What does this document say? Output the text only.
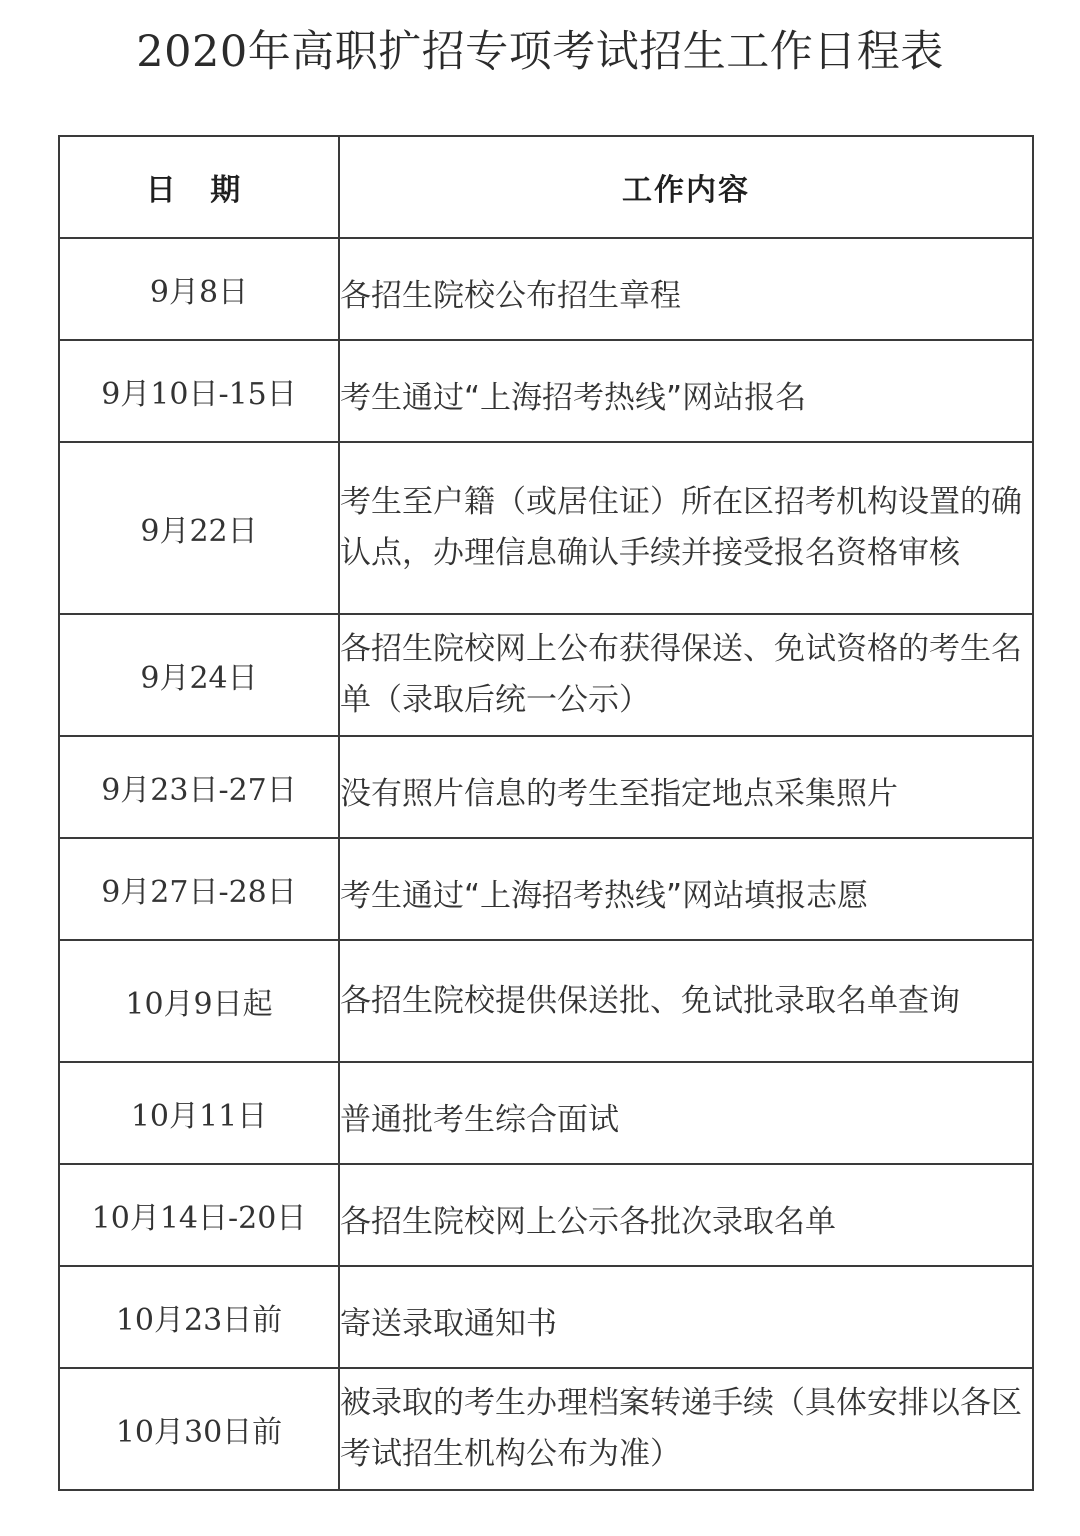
2020年高职扩招专项考试招生工作日程表
日 期	工作内容
9月8日	各招生院校公布招生章程

9月10日-15日	考生通过“上海招考热线”网站报名

9月22日	考生至户籍（或居住证）所在区招考机构设置的确认点，办理信息确认手续并接受报名资格审核

9月24日	各招生院校网上公布获得保送、免试资格的考生名单（录取后统一公示）

9月23日-27日	没有照片信息的考生至指定地点采集照片

9月27日-28日	考生通过“上海招考热线”网站填报志愿

10月9日起	各招生院校提供保送批、免试批录取名单查询

10月11日	普通批考生综合面试

10月14日-20日	各招生院校网上公示各批次录取名单

10月23日前	寄送录取通知书

10月30日前	被录取的考生办理档案转递手续（具体安排以各区考试招生机构公布为准）
